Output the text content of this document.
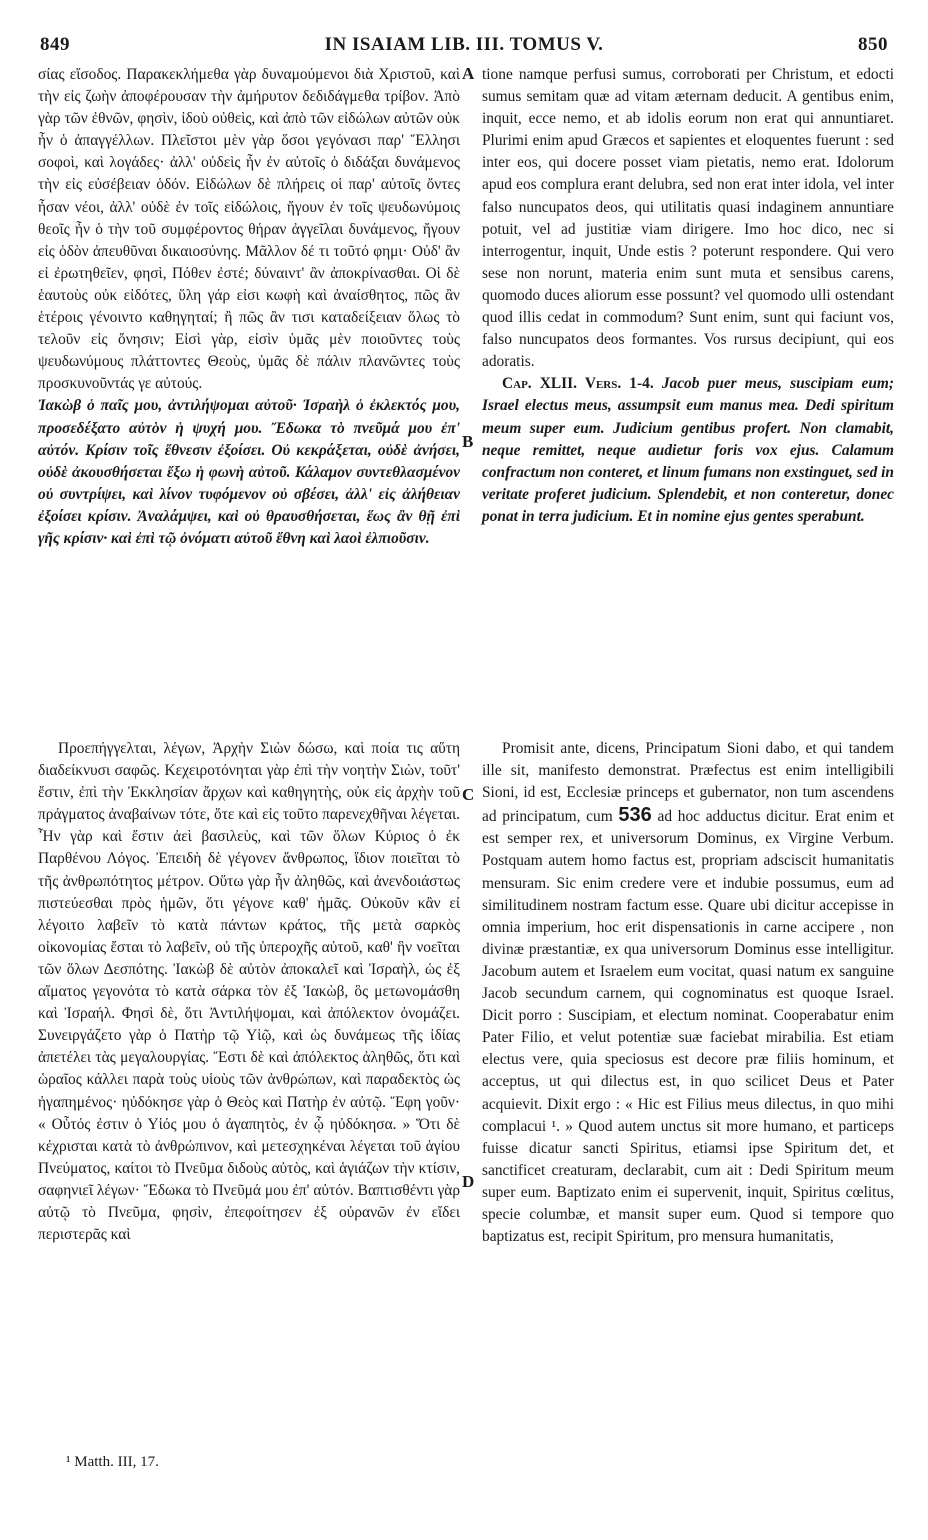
849	IN ISAIAM LIB. III. TOMUS V.	850

σίας εἴσοδος. Παρακεκλήμεθα γὰρ δυναμούμενοι διὰ Χριστοῦ, καὶ τὴν εἰς ζωὴν ἀποφέρουσαν τὴν ἀμήρυτον δεδιδάγμεθα τρίβον. Ἀπὸ γὰρ τῶν ἐθνῶν, φησὶν, ἰδοὺ οὐθεὶς, καὶ ἀπὸ τῶν εἰδώλων αὐτῶν οὐκ ἦν ὁ ἀπαγγέλλων. Πλεῖστοι μὲν γὰρ ὅσοι γεγόνασι παρ' Ἕλλησι σοφοὶ, καὶ λογάδες· ἀλλ' οὐδεὶς ἦν ἐν αὐτοῖς ὁ διδάξαι δυνάμενος τὴν εἰς εὐσέβειαν ὁδόν. Εἰδώλων δὲ πλήρεις οἱ παρ' αὐτοῖς ὄντες ἦσαν νέοι, ἀλλ' οὐδὲ ἐν τοῖς εἰδώλοις, ἤγουν ἐν τοῖς ψευδωνύμοις θεοῖς ἦν ὁ τὴν τοῦ συμφέροντος θήραν ἀγγεῖλαι δυνάμενος, ἤγουν εἰς ὁδὸν ἀπευθῦναι δικαιοσύνης. Μᾶλλον δέ τι τοῦτό φημι· Οὐδ' ἂν εἰ ἐρωτηθεῖεν, φησὶ, Πόθεν ἐστέ; δύναιντ' ἂν ἀποκρίνασθαι. Οἱ δὲ ἑαυτοὺς οὐκ εἰδότες, ὕλη γάρ εἰσι κωφὴ καὶ ἀναίσθητος, πῶς ἂν ἑτέροις γένοιντο καθηγηταί; ἢ πῶς ἂν τισι καταδείξειαν ὅλως τὸ τελοῦν εἰς ὄνησιν; Εἰσὶ γὰρ, εἰσὶν ὑμᾶς μὲν ποιοῦντες τοὺς ψευδωνύμους πλάττοντες Θεοὺς, ὑμᾶς δὲ πάλιν πλανῶντες τοὺς προσκυνοῦντάς γε αὐτούς.

Ἰακὼβ ὁ παῖς μου, ἀντιλήψομαι αὐτοῦ· Ἰσραὴλ ὁ ἐκλεκτός μου, προσεδέξατο αὐτὸν ἡ ψυχή μου. Ἔδωκα τὸ πνεῦμά μου ἐπ' αὐτόν. Κρίσιν τοῖς ἔθνεσιν ἐξοίσει. Οὐ κεκράξεται, οὐδὲ ἀνήσει, οὐδὲ ἀκουσθήσεται ἔξω ἡ φωνὴ αὐτοῦ. Κάλαμον συντεθλασμένον οὐ συντρίψει, καὶ λίνον τυφόμενον οὐ σβέσει, ἀλλ' εἰς ἀλήθειαν ἐξοίσει κρίσιν. Ἀναλάμψει, καὶ οὐ θραυσθήσεται, ἕως ἂν θῇ ἐπὶ γῆς κρίσιν· καὶ ἐπὶ τῷ ὀνόματι αὐτοῦ ἔθνη καὶ λαοὶ ἐλπιοῦσιν.

Προεπήγγελται, λέγων, Ἀρχὴν Σιὼν δώσω, καὶ ποία τις αὕτη διαδείκνυσι σαφῶς. Κεχειροτόνηται γὰρ ἐπὶ τὴν νοητὴν Σιὼν, τοῦτ' ἔστιν, ἐπὶ τὴν Ἐκκλησίαν ἄρχων καὶ καθηγητὴς, οὐκ εἰς ἀρχὴν τοῦ πράγματος ἀναβαίνων τότε, ὅτε καὶ εἰς τοῦτο παρενεχθῆναι λέγεται. Ἦν γὰρ καὶ ἔστιν ἀεὶ βασιλεὺς, καὶ τῶν ὅλων Κύριος ὁ ἐκ Παρθένου Λόγος. Ἐπειδὴ δὲ γέγονεν ἄνθρωπος, ἴδιον ποιεῖται τὸ τῆς ἀνθρωπότητος μέτρον. Οὕτω γὰρ ἦν ἀληθῶς, καὶ ἀνενδοιάστως πιστεύεσθαι πρὸς ἡμῶν, ὅτι γέγονε καθ' ἡμᾶς. Οὐκοῦν κἂν εἰ λέγοιτο λαβεῖν τὸ κατὰ πάντων κράτος, τῆς μετὰ σαρκὸς οἰκονομίας ἔσται τὸ λαβεῖν, οὐ τῆς ὑπεροχῆς αὐτοῦ, καθ' ἣν νοεῖται τῶν ὅλων Δεσπότης. Ἰακὼβ δὲ αὐτὸν ἀποκαλεῖ καὶ Ἰσραὴλ, ὡς ἐξ αἵματος γεγονότα τὸ κατὰ σάρκα τὸν ἐξ Ἰακὼβ, ὃς μετωνομάσθη καὶ Ἰσραήλ. Φησὶ δὲ, ὅτι Ἀντιλήψομαι, καὶ ἀπόλεκτον ὀνομάζει. Συνειργάζετο γὰρ ὁ Πατὴρ τῷ Υἱῷ, καὶ ὡς δυνάμεως τῆς ἰδίας ἀπετέλει τὰς μεγαλουργίας. Ἔστι δὲ καὶ ἀπόλεκτος ἀληθῶς, ὅτι καὶ ὡραῖος κάλλει παρὰ τοὺς υἱοὺς τῶν ἀνθρώπων, καὶ παραδεκτὸς ὡς ἠγαπημένος· ηὐδόκησε γὰρ ὁ Θεὸς καὶ Πατὴρ ἐν αὐτῷ. Ἔφη γοῦν· « Οὗτός ἐστιν ὁ Υἱός μου ὁ ἀγαπητὸς, ἐν ᾧ ηὐδόκησα. » Ὅτι δὲ κέχρισται κατὰ τὸ ἀνθρώπινον, καὶ μετεσχηκέναι λέγεται τοῦ ἁγίου Πνεύματος, καίτοι τὸ Πνεῦμα διδοὺς αὐτὸς, καὶ ἁγιάζων τὴν κτίσιν, σαφηνιεῖ λέγων· Ἔδωκα τὸ Πνεῦμά μου ἐπ' αὐτόν. Βαπτισθέντι γὰρ αὐτῷ τὸ Πνεῦμα, φησὶν, ἐπεφοίτησεν ἐξ οὐρανῶν ἐν εἴδει περιστερᾶς καὶ

tione namque perfusi sumus, corroborati per Christum, et edocti sumus semitam quæ ad vitam æternam deducit. A gentibus enim, inquit, ecce nemo, et ab idolis eorum non erat qui annuntiaret. Plurimi enim apud Græcos et sapientes et eloquentes fuerunt : sed inter eos, qui docere posset viam pietatis, nemo erat. Idolorum apud eos complura erant delubra, sed non erat inter idola, vel inter falso nuncupatos deos, qui utilitatis quasi indaginem annuntiare potuit, vel ad justitiæ viam dirigere. Imo hoc dico, nec si interrogentur, inquit, Unde estis ? poterunt respondere. Qui vero sese non norunt, materia enim sunt muta et sensibus carens, quomodo duces aliorum esse possunt? vel quomodo ulli ostendant quod illis cedat in commodum? Sunt enim, sunt qui faciunt vos, falso nuncupatos deos formantes. Vos rursus decipiunt, qui eos adoratis.

Cap. XLII. Vers. 1-4. Jacob puer meus, suscipiam eum; Israel electus meus, assumpsit eum manus mea. Dedi spiritum meum super eum. Judicium gentibus profert. Non clamabit, neque remittet, neque audietur foris vox ejus. Calamum confractum non conteret, et linum fumans non exstinguet, sed in veritate proferet judicium. Splendebit, et non conteretur, donec ponat in terra judicium. Et in nomine ejus gentes sperabunt.

Promisit ante, dicens, Principatum Sioni dabo, et qui tandem ille sit, manifesto demonstrat. Præfectus est enim intelligibili Sioni, id est, Ecclesiæ princeps et gubernator, non tum ascendens ad principatum, cum 536 ad hoc adductus dicitur. Erat enim et est semper rex, et universorum Dominus, ex Virgine Verbum. Postquam autem homo factus est, propriam adsciscit humanitatis mensuram. Sic enim credere vere et indubie possumus, eum ad similitudinem nostram factum esse. Quare ubi dicitur accepisse in omnia imperium, hoc erit dispensationis in carne accipere , non divinæ præstantiæ, ex qua universorum Dominus esse intelligitur. Jacobum autem et Israelem eum vocitat, quasi natum ex sanguine Jacob secundum carnem, qui cognominatus est quoque Israel. Dicit porro : Suscipiam, et electum nominat. Cooperabatur enim Pater Filio, et velut potentiæ suæ faciebat mirabilia. Est etiam electus vere, quia speciosus est decore præ filiis hominum, et acceptus, ut qui dilectus est, in quo scilicet Deus et Pater acquievit. Dixit ergo : « Hic est Filius meus dilectus, in quo mihi complacui ¹. » Quod autem unctus sit more humano, et particeps fuisse dicatur sancti Spiritus, etiamsi ipse Spiritum det, et sanctificet creaturam, declarabit, cum ait : Dedi Spiritum meum super eum. Baptizato enim ei supervenit, inquit, Spiritus cœlitus, specie columbæ, et mansit super eum. Quod si tempore quo baptizatus est, recipit Spiritum, pro mensura humanitatis,

A
B
C
D
¹ Matth. III, 17.
